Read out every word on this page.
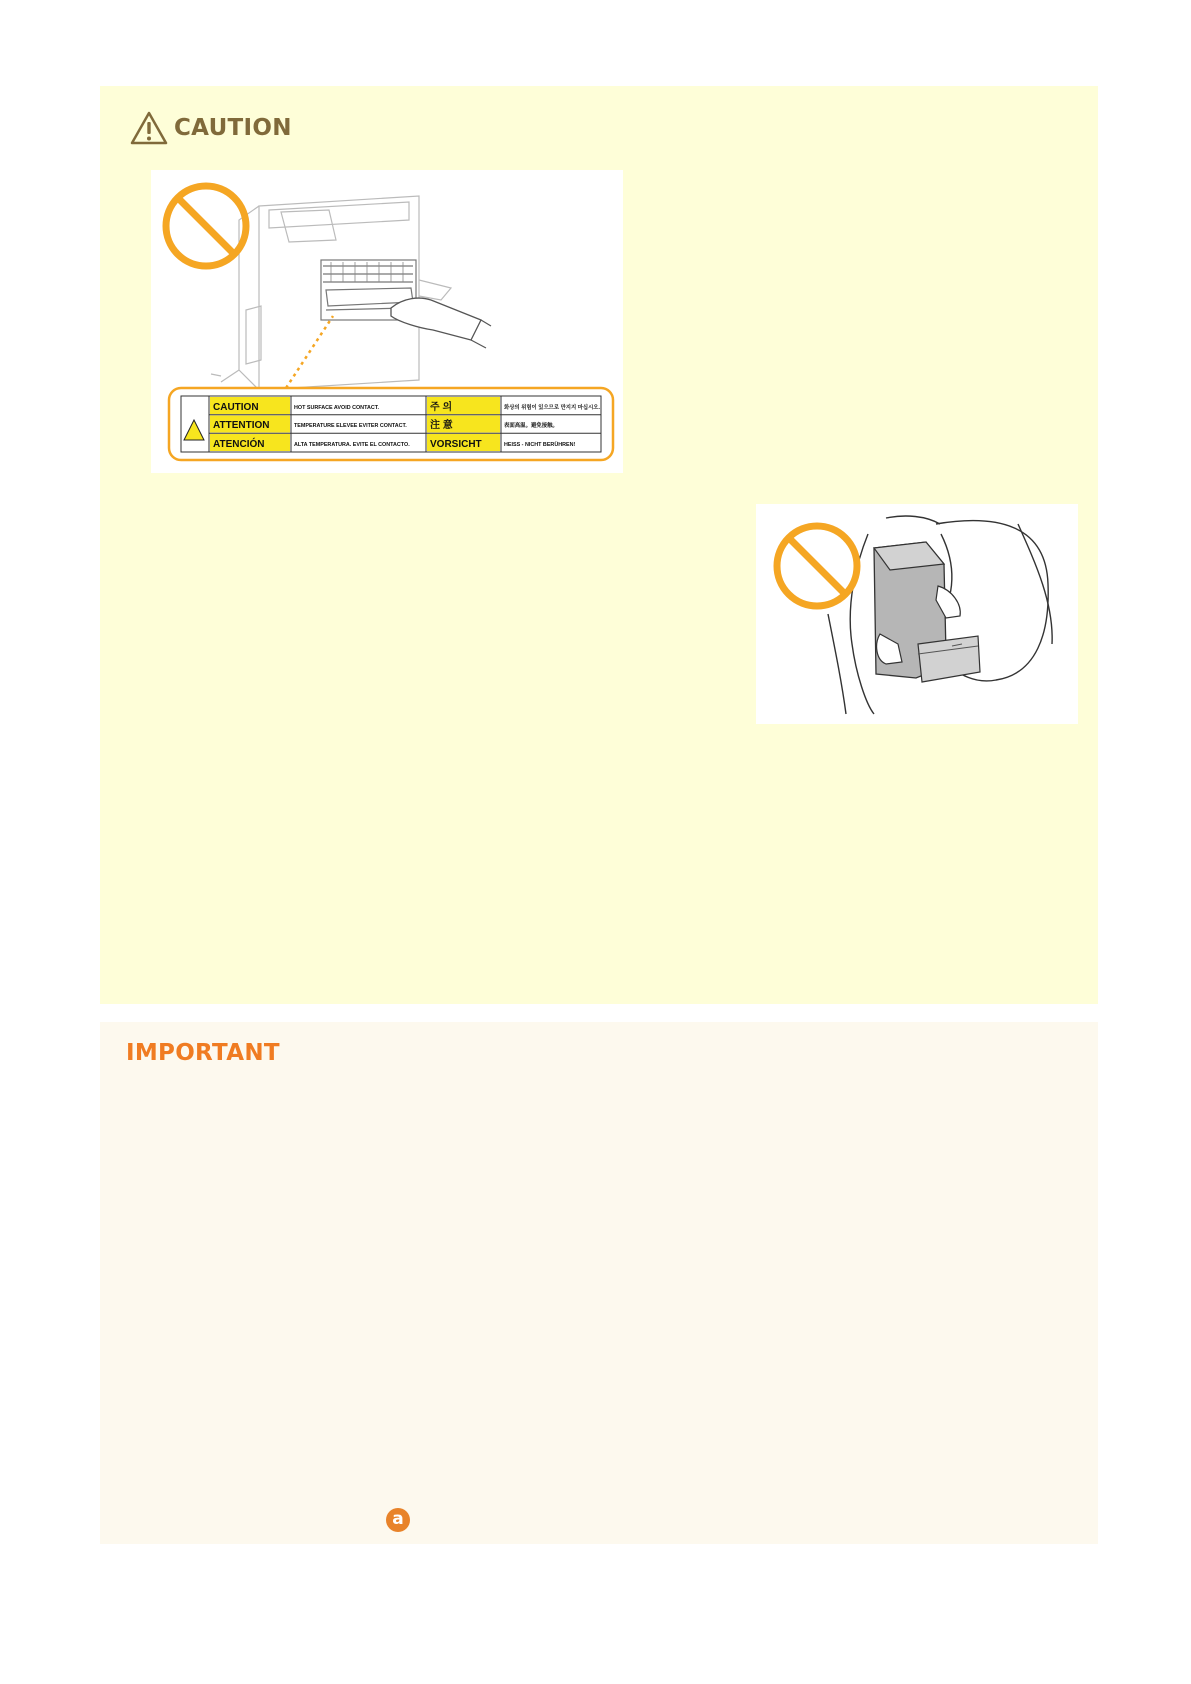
CAUTION
CAUTION
ATTENTION
ATENCIÓN
HOT SURFACE AVOID CONTACT.
TEMPERATURE ELEVEE EVITER CONTACT.
ALTA TEMPERATURA. EVITE EL CONTACTO.
주 의
注 意
VORSICHT
화상의 위험이 있으므로 만지지 마십시오.
表面高温。避免接触。
HEISS - NICHT BERÜHREN!
IMPORTANT
a
